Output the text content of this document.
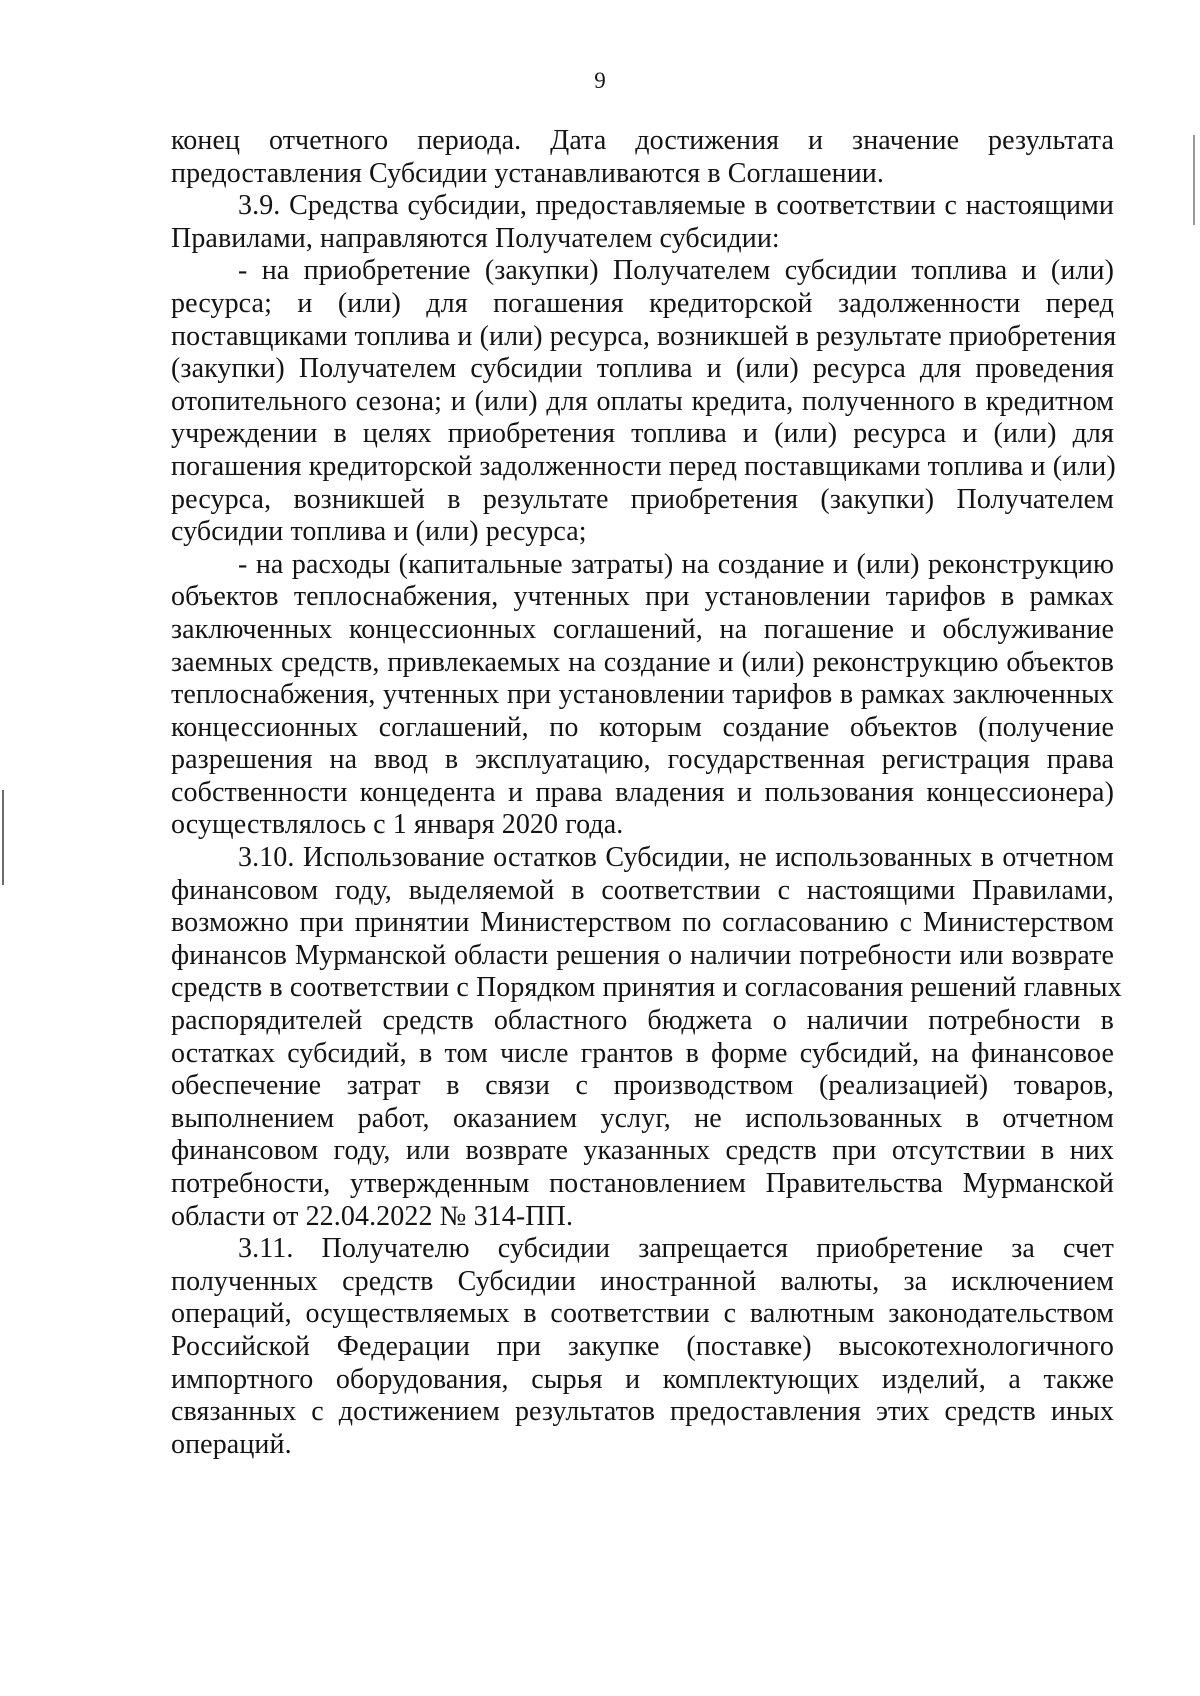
9

конец отчетного периода. Дата достижения и значение результата
предоставления Субсидии устанавливаются в Соглашении.

3.9. Средства субсидии, предоставляемые в соответствии с настоящими
Правилами, направляются Получателем субсидии:

- на приобретение (закупки) Получателем субсидии топлива и (или)
ресурса; и (или) для погашения кредиторской задолженности перед
поставщиками топлива и (или) ресурса, возникшей в результате приобретения
(закупки) Получателем субсидии топлива и (или) ресурса для проведения
отопительного сезона; и (или) для оплаты кредита, полученного в кредитном
учреждении в целях приобретения топлива и (или) ресурса и (или) для
погашения кредиторской задолженности перед поставщиками топлива и (или)
ресурса, возникшей в результате приобретения (закупки) Получателем
субсидии топлива и (или) ресурса;

- на расходы (капитальные затраты) на создание и (или) реконструкцию
объектов теплоснабжения, учтенных при установлении тарифов в рамках
заключенных концессионных соглашений, на погашение и обслуживание
заемных средств, привлекаемых на создание и (или) реконструкцию объектов
теплоснабжения, учтенных при установлении тарифов в рамках заключенных
концессионных соглашений, по которым создание объектов (получение
разрешения на ввод в эксплуатацию, государственная регистрация права
собственности концедента и права владения и пользования концессионера)
осуществлялось с 1 января 2020 года.

3.10. Использование остатков Субсидии, не использованных в отчетном
финансовом году, выделяемой в соответствии с настоящими Правилами,
возможно при принятии Министерством по согласованию с Министерством
финансов Мурманской области решения о наличии потребности или возврате
средств в соответствии с Порядком принятия и согласования решений главных
распорядителей средств областного бюджета о наличии потребности в
остатках субсидий, в том числе грантов в форме субсидий, на финансовое
обеспечение затрат в связи с производством (реализацией) товаров,
выполнением работ, оказанием услуг, не использованных в отчетном
финансовом году, или возврате указанных средств при отсутствии в них
потребности, утвержденным постановлением Правительства Мурманской
области от 22.04.2022 № 314-ПП.

3.11. Получателю субсидии запрещается приобретение за счет
полученных средств Субсидии иностранной валюты, за исключением
операций, осуществляемых в соответствии с валютным законодательством
Российской Федерации при закупке (поставке) высокотехнологичного
импортного оборудования, сырья и комплектующих изделий, а также
связанных с достижением результатов предоставления этих средств иных
операций.
